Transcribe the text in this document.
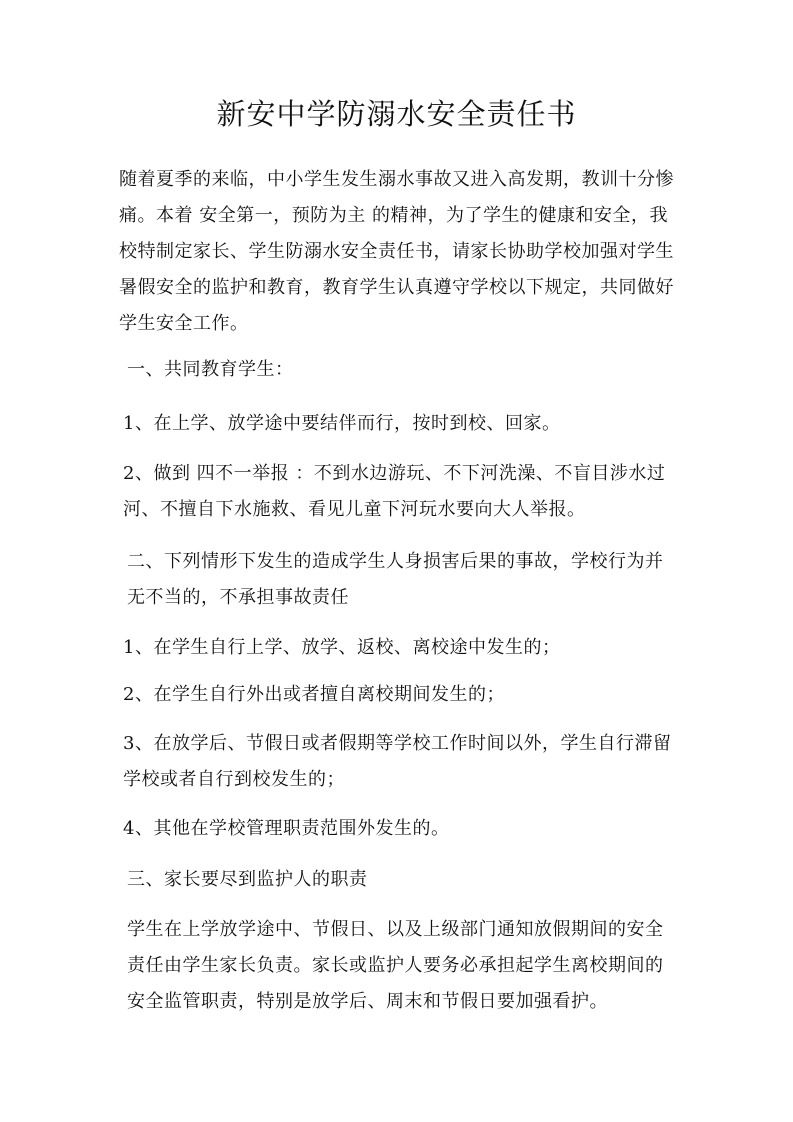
新安中学防溺水安全责任书

随着夏季的来临，中小学生发生溺水事故又进入高发期，教训十分惨痛。本着 安全第一，预防为主 的精神，为了学生的健康和安全，我校特制定家长、学生防溺水安全责任书，请家长协助学校加强对学生暑假安全的监护和教育，教育学生认真遵守学校以下规定，共同做好学生安全工作。

一、共同教育学生：

1、在上学、放学途中要结伴而行，按时到校、回家。

2、做到 四不一举报 ：不到水边游玩、不下河洗澡、不盲目涉水过河、不擅自下水施救、看见儿童下河玩水要向大人举报。

二、下列情形下发生的造成学生人身损害后果的事故，学校行为并无不当的，不承担事故责任

1、在学生自行上学、放学、返校、离校途中发生的；

2、在学生自行外出或者擅自离校期间发生的；

3、在放学后、节假日或者假期等学校工作时间以外，学生自行滞留学校或者自行到校发生的；

4、其他在学校管理职责范围外发生的。

三、家长要尽到监护人的职责

学生在上学放学途中、节假日、以及上级部门通知放假期间的安全责任由学生家长负责。家长或监护人要务必承担起学生离校期间的安全监管职责，特别是放学后、周末和节假日要加强看护。
